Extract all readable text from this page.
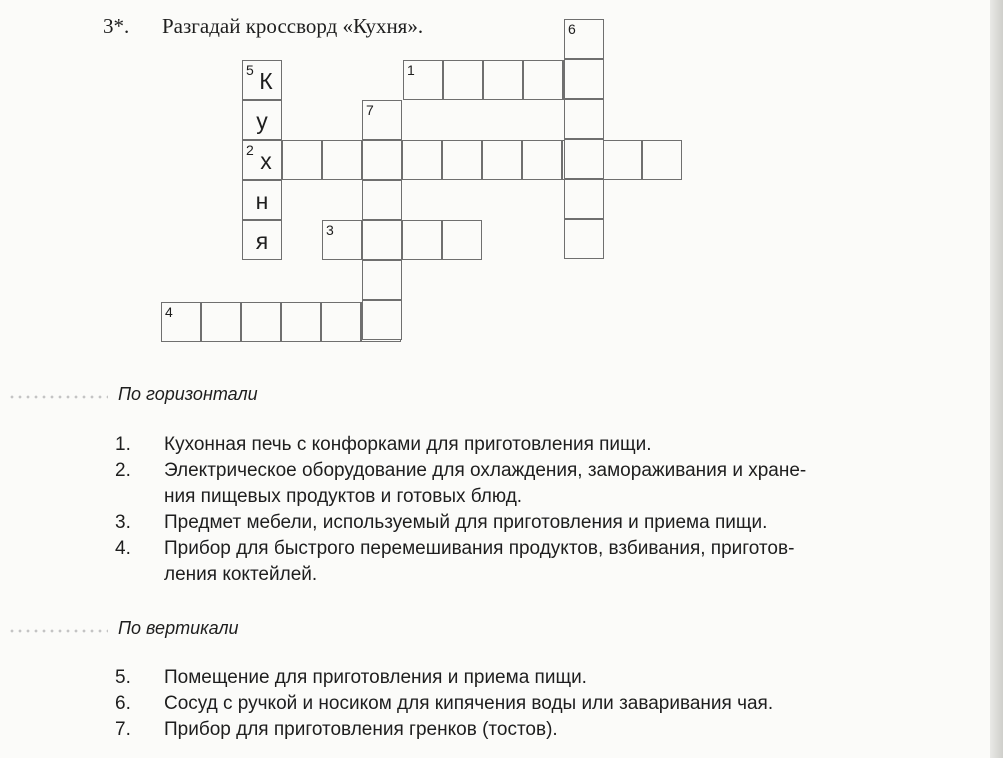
3*. Разгадай кроссворд «Кухня».
1
2 х
3
4
5 К
у
н
я
6
7
По горизонтали
1.	Кухонная печь с конфорками для приготовления пищи.
2.	Электрическое оборудование для охлаждения, замораживания и хране-
ния пищевых продуктов и готовых блюд.
3.	Предмет мебели, используемый для приготовления и приема пищи.
4.	Прибор для быстрого перемешивания продуктов, взбивания, приготов-
ления коктейлей.
По вертикали
5.	Помещение для приготовления и приема пищи.
6.	Сосуд с ручкой и носиком для кипячения воды или заваривания чая.
7.	Прибор для приготовления гренков (тостов).
